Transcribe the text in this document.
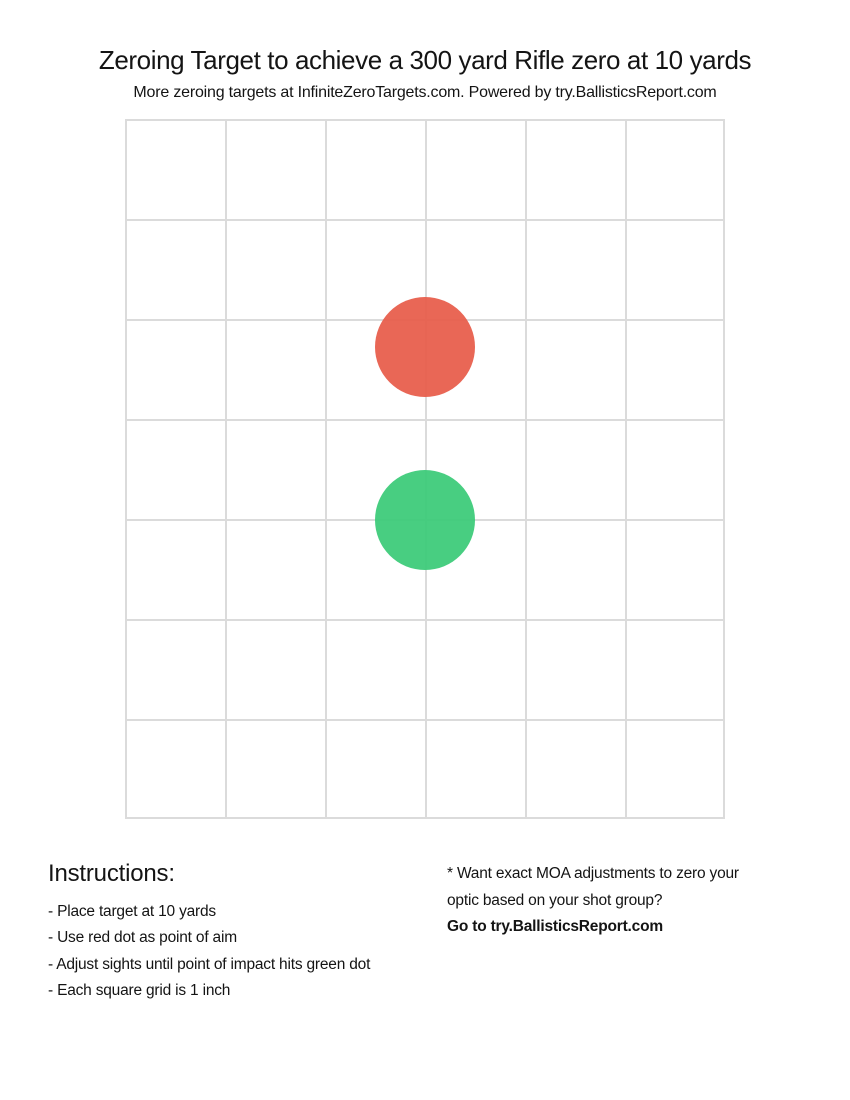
Zeroing Target to achieve a 300 yard Rifle zero at 10 yards
More zeroing targets at InfiniteZeroTargets.com. Powered by try.BallisticsReport.com
Instructions:
- Place target at 10 yards
- Use red dot as point of aim
- Adjust sights until point of impact hits green dot
- Each square grid is 1 inch
* Want exact MOA adjustments to zero your
optic based on your shot group?
Go to try.BallisticsReport.com
